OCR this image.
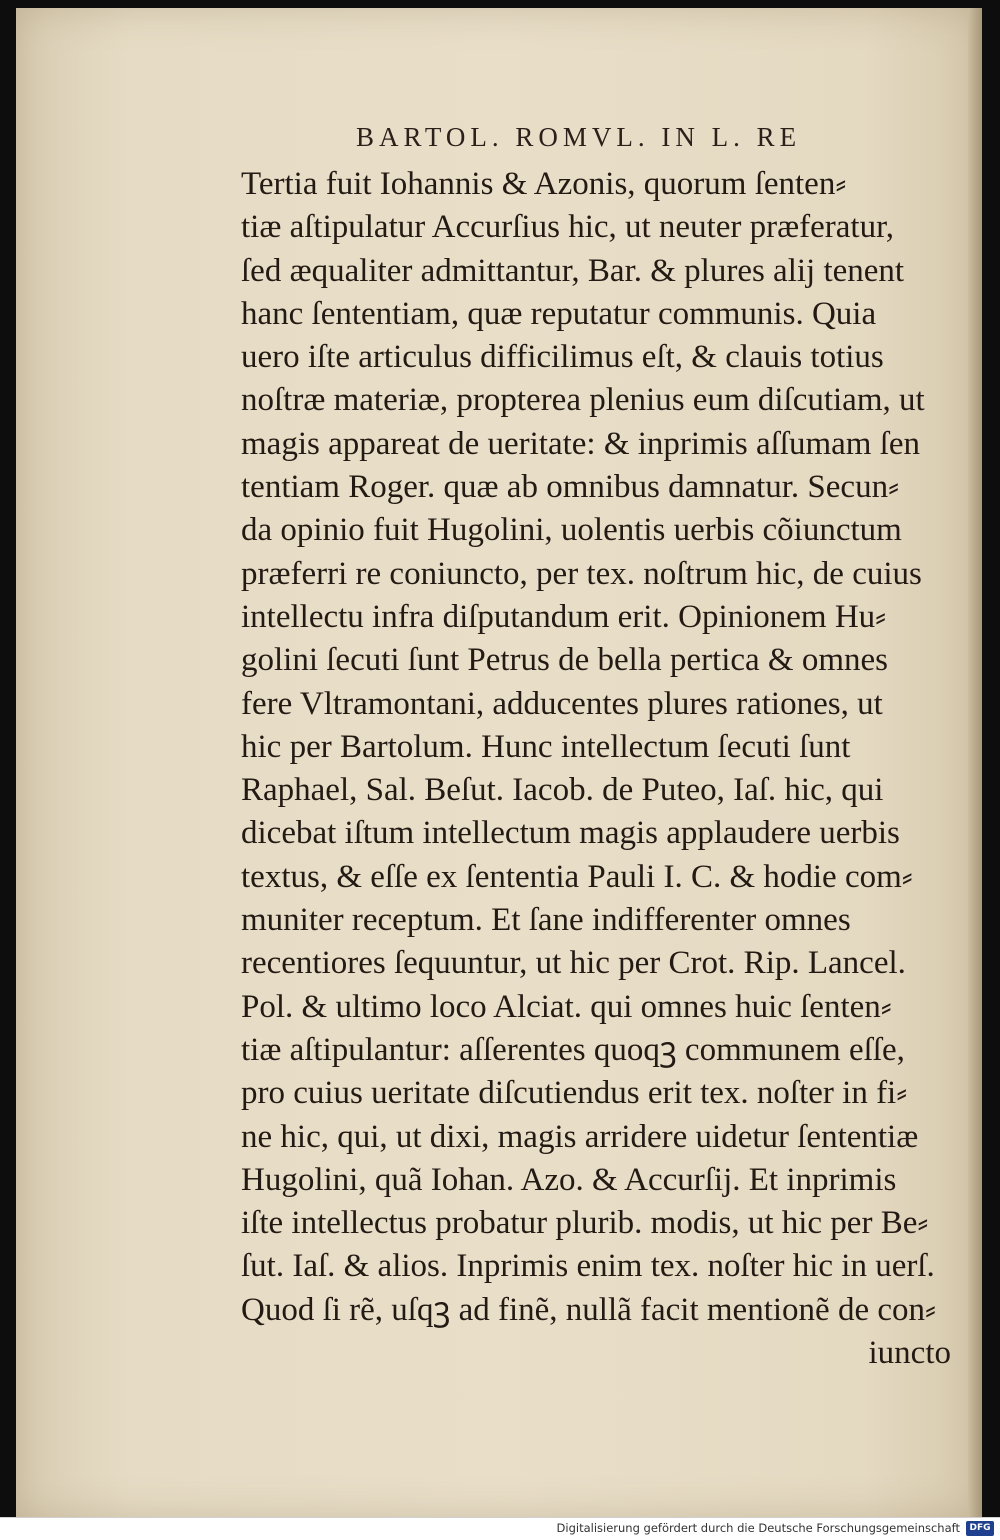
BARTOL. ROMVL. IN L. RE
Tertia fuit Iohannis & Azonis, quorum ſenten⸗
tiæ aſtipulatur Accurſius hic, ut neuter præferatur,
ſed æqualiter admittantur, Bar. & plures alij tenent
hanc ſententiam, quæ reputatur communis. Quia
uero iſte articulus difficilimus eſt, & clauis totius
noſtræ materiæ, propterea plenius eum diſcutiam, ut
magis appareat de ueritate: & inprimis aſſumam ſen
tentiam Roger. quæ ab omnibus damnatur. Secun⸗
da opinio fuit Hugolini, uolentis uerbis cõiunctum
præferri re coniuncto, per tex. noſtrum hic, de cuius
intellectu infra diſputandum erit. Opinionem Hu⸗
golini ſecuti ſunt Petrus de bella pertica & omnes
fere Vltramontani, adducentes plures rationes, ut
hic per Bartolum. Hunc intellectum ſecuti ſunt
Raphael, Sal. Beſut. Iacob. de Puteo, Iaſ. hic, qui
dicebat iſtum intellectum magis applaudere uerbis
textus, & eſſe ex ſententia Pauli I. C. & hodie com⸗
muniter receptum. Et ſane indifferenter omnes
recentiores ſequuntur, ut hic per Crot. Rip. Lancel.
Pol. & ultimo loco Alciat. qui omnes huic ſenten⸗
tiæ aſtipulantur: aſſerentes quoqꝫ communem eſſe,
pro cuius ueritate diſcutiendus erit tex. noſter in fi⸗
ne hic, qui, ut dixi, magis arridere uidetur ſententiæ
Hugolini, quã Iohan. Azo. & Accurſij. Et inprimis
iſte intellectus probatur plurib. modis, ut hic per Be⸗
ſut. Iaſ. & alios. Inprimis enim tex. noſter hic in uerſ.
Quod ſi rẽ, uſqꝫ ad finẽ, nullã facit mentionẽ de con⸗
iuncto
Digitalisierung gefördert durch die Deutsche Forschungsgemeinschaft	DFG
